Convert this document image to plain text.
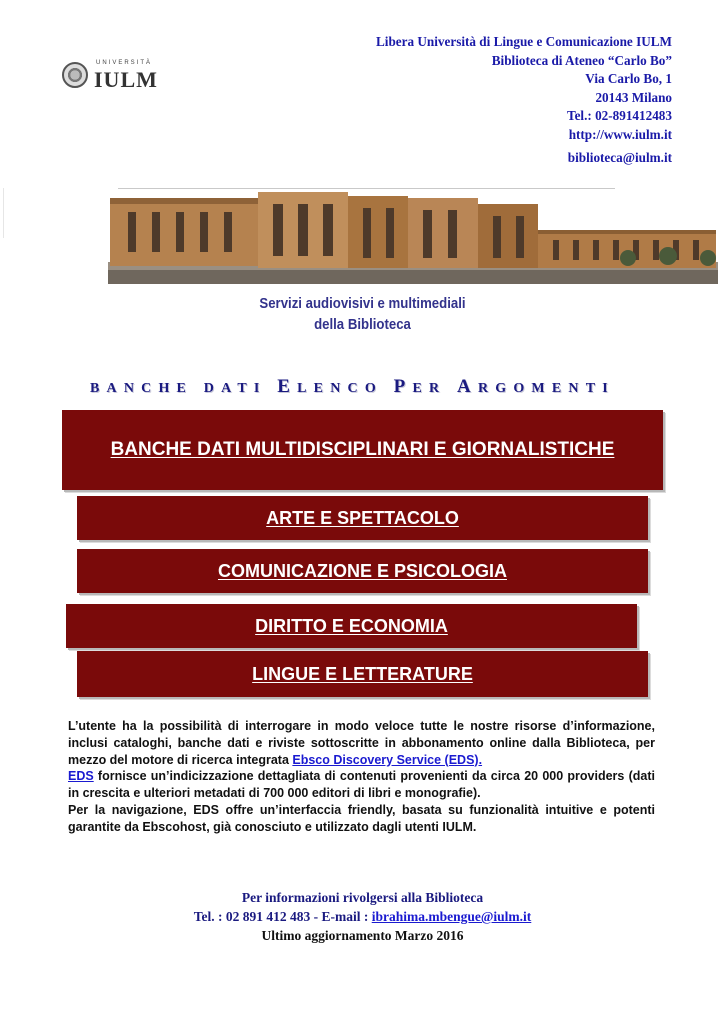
UNIVERSITÀ
IULM
Libera Università di Lingue e Comunicazione IULM
Biblioteca di Ateneo “Carlo Bo”
Via Carlo Bo, 1
20143 Milano
Tel.: 02-891412483
http://www.iulm.it
biblioteca@iulm.it
Servizi audiovisivi e multimediali
della Biblioteca
BANCHE DATI ELENCO PER ARGOMENTI
BANCHE DATI MULTIDISCIPLINARI E GIORNALISTICHE
ARTE E SPETTACOLO
COMUNICAZIONE E PSICOLOGIA
DIRITTO E ECONOMIA
LINGUE E LETTERATURE

L’utente ha la possibilità di interrogare in modo veloce tutte le nostre risorse d’informazione, inclusi cataloghi, banche dati e riviste sottoscritte in abbonamento online dalla Biblioteca, per mezzo del motore di ricerca integrata Ebsco Discovery Service (EDS).

EDS fornisce un’indicizzazione dettagliata di contenuti provenienti da circa 20 000 providers (dati in crescita e ulteriori metadati di 700 000 editori di libri e monografie).

Per la navigazione, EDS offre un’interfaccia friendly, basata su funzionalità intuitive e potenti garantite da Ebscohost, già conosciuto e utilizzato dagli utenti IULM.

Per informazioni rivolgersi alla Biblioteca
Tel. : 02 891 412 483 - E-mail : ibrahima.mbengue@iulm.it
Ultimo aggiornamento Marzo 2016
